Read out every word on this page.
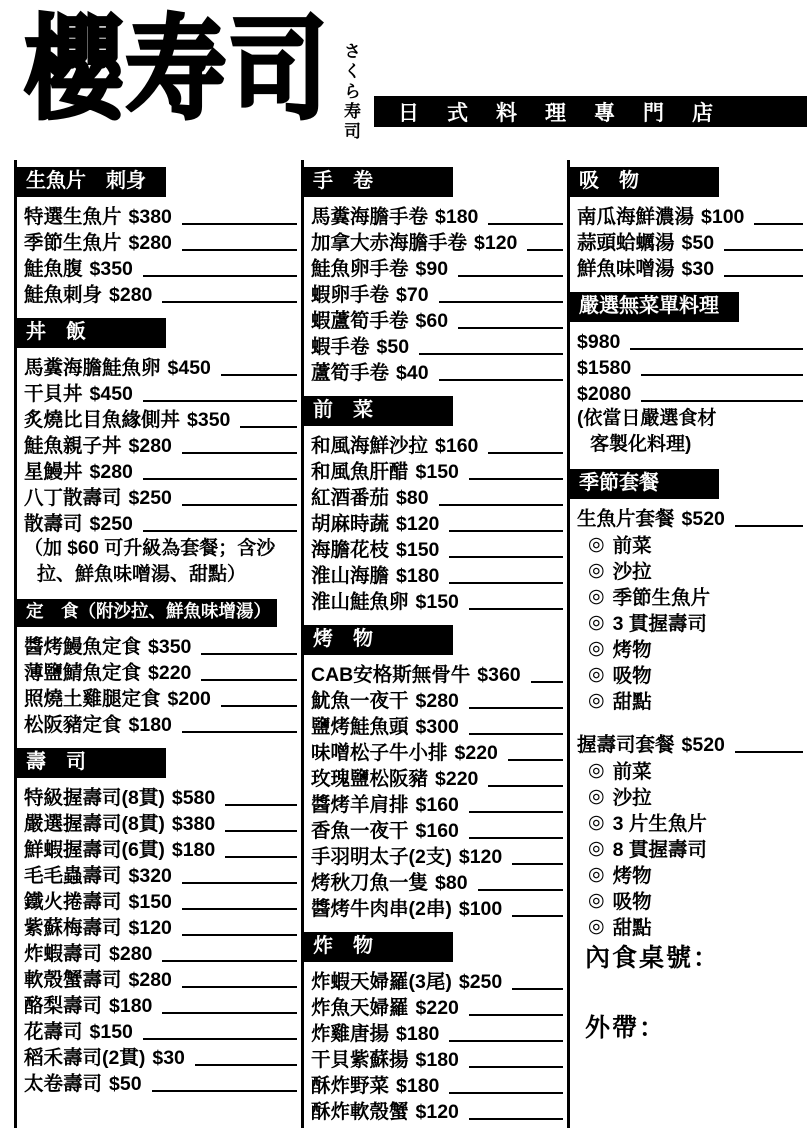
櫻寿司 さくら寿司	日式料理專門店
生魚片　刺身
特選生魚片 $380
季節生魚片 $280
鮭魚腹 $350
鮭魚刺身 $280
丼　飯
馬糞海膽鮭魚卵 $450
干貝丼 $450
炙燒比目魚緣側丼 $350
鮭魚親子丼 $280
星鰻丼 $280
八丁散壽司 $250
散壽司 $250
（加 $60 可升級為套餐；含沙
拉、鮮魚味噌湯、甜點）
定　食（附沙拉、鮮魚味增湯）
醬烤鰻魚定食 $350
薄鹽鯖魚定食 $220
照燒土雞腿定食 $200
松阪豬定食 $180
壽　司
特級握壽司(8貫) $580
嚴選握壽司(8貫) $380
鮮蝦握壽司(6貫) $180
毛毛蟲壽司 $320
鐵火捲壽司 $150
紫蘇梅壽司 $120
炸蝦壽司 $280
軟殼蟹壽司 $280
酪梨壽司 $180
花壽司 $150
稻禾壽司(2貫) $30
太卷壽司 $50
手　卷
馬糞海膽手卷 $180
加拿大赤海膽手卷 $120
鮭魚卵手卷 $90
蝦卵手卷 $70
蝦蘆筍手卷 $60
蝦手卷 $50
蘆筍手卷 $40
前　菜
和風海鮮沙拉 $160
和風魚肝醋 $150
紅酒番茄 $80
胡麻時蔬 $120
海膽花枝 $150
淮山海膽 $180
淮山鮭魚卵 $150
烤　物
CAB安格斯無骨牛 $360
魷魚一夜干 $280
鹽烤鮭魚頭 $300
味噌松子牛小排 $220
玫瑰鹽松阪豬 $220
醬烤羊肩排 $160
香魚一夜干 $160
手羽明太子(2支) $120
烤秋刀魚一隻 $80
醬烤牛肉串(2串) $100
炸　物
炸蝦天婦羅(3尾) $250
炸魚天婦羅 $220
炸雞唐揚 $180
干貝紫蘇揚 $180
酥炸野菜 $180
酥炸軟殼蟹 $120
吸　物
南瓜海鮮濃湯 $100
蒜頭蛤蠣湯 $50
鮮魚味噌湯 $30
嚴選無菜單料理
$980
$1580
$2080
(依當日嚴選食材
客製化料理)
季節套餐
生魚片套餐 $520
◎ 前菜
◎ 沙拉
◎ 季節生魚片
◎ 3 貫握壽司
◎ 烤物
◎ 吸物
◎ 甜點
握壽司套餐 $520
◎ 前菜
◎ 沙拉
◎ 3 片生魚片
◎ 8 貫握壽司
◎ 烤物
◎ 吸物
◎ 甜點
內食桌號：
外帶：
